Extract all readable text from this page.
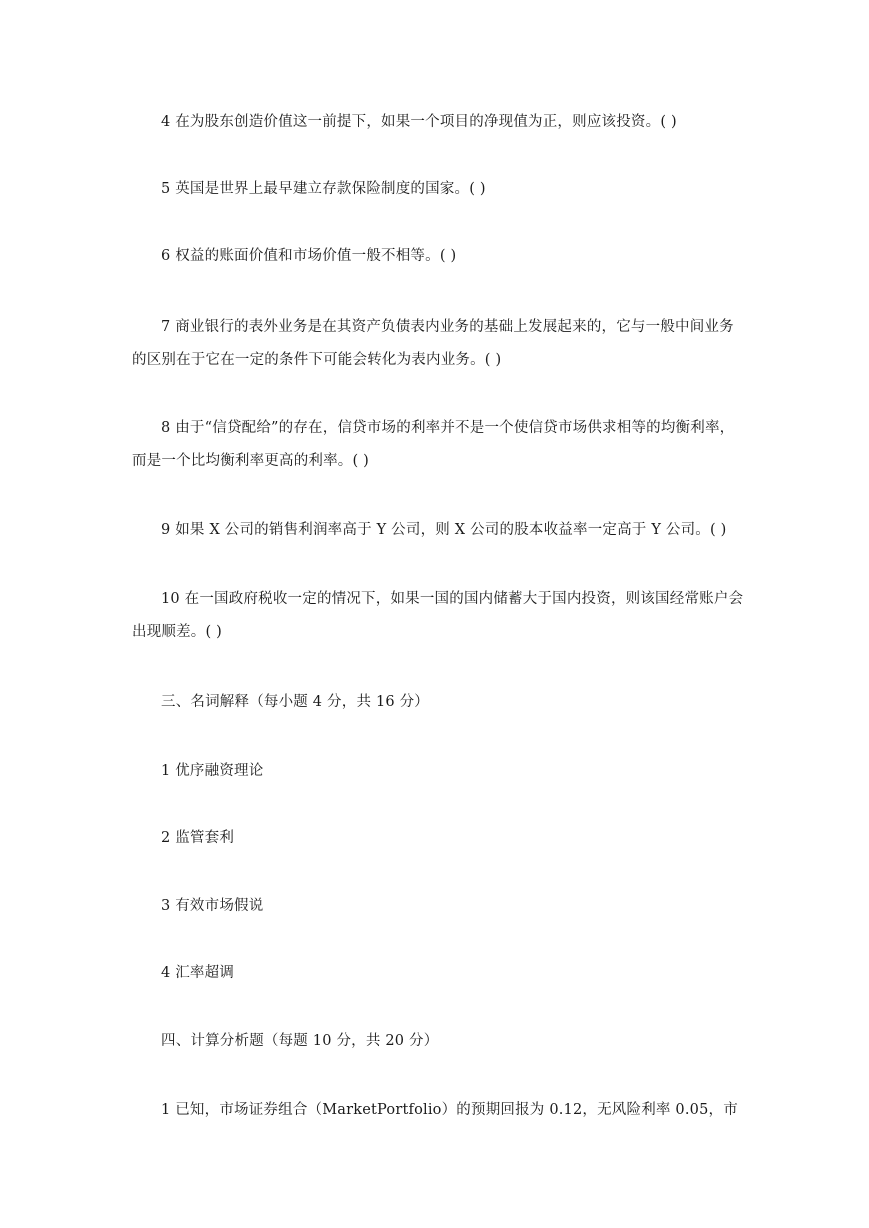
4 在为股东创造价值这一前提下，如果一个项目的净现值为正，则应该投资。( )

5 英国是世界上最早建立存款保险制度的国家。( )

6 权益的账面价值和市场价值一般不相等。( )

7 商业银行的表外业务是在其资产负债表内业务的基础上发展起来的，它与一般中间业务的区别在于它在一定的条件下可能会转化为表内业务。( )

8 由于“信贷配给”的存在，信贷市场的利率并不是一个使信贷市场供求相等的均衡利率，而是一个比均衡利率更高的利率。( )

9 如果 X 公司的销售利润率高于 Y 公司，则 X 公司的股本收益率一定高于 Y 公司。( )

10 在一国政府税收一定的情况下，如果一国的国内储蓄大于国内投资，则该国经常账户会出现顺差。( )

三、名词解释（每小题 4 分，共 16 分）

1 优序融资理论

2 监管套利

3 有效市场假说

4 汇率超调

四、计算分析题（每题 10 分，共 20 分）

1 已知，市场证券组合（MarketPortfolio）的预期回报为 0.12，无风险利率 0.05，市
